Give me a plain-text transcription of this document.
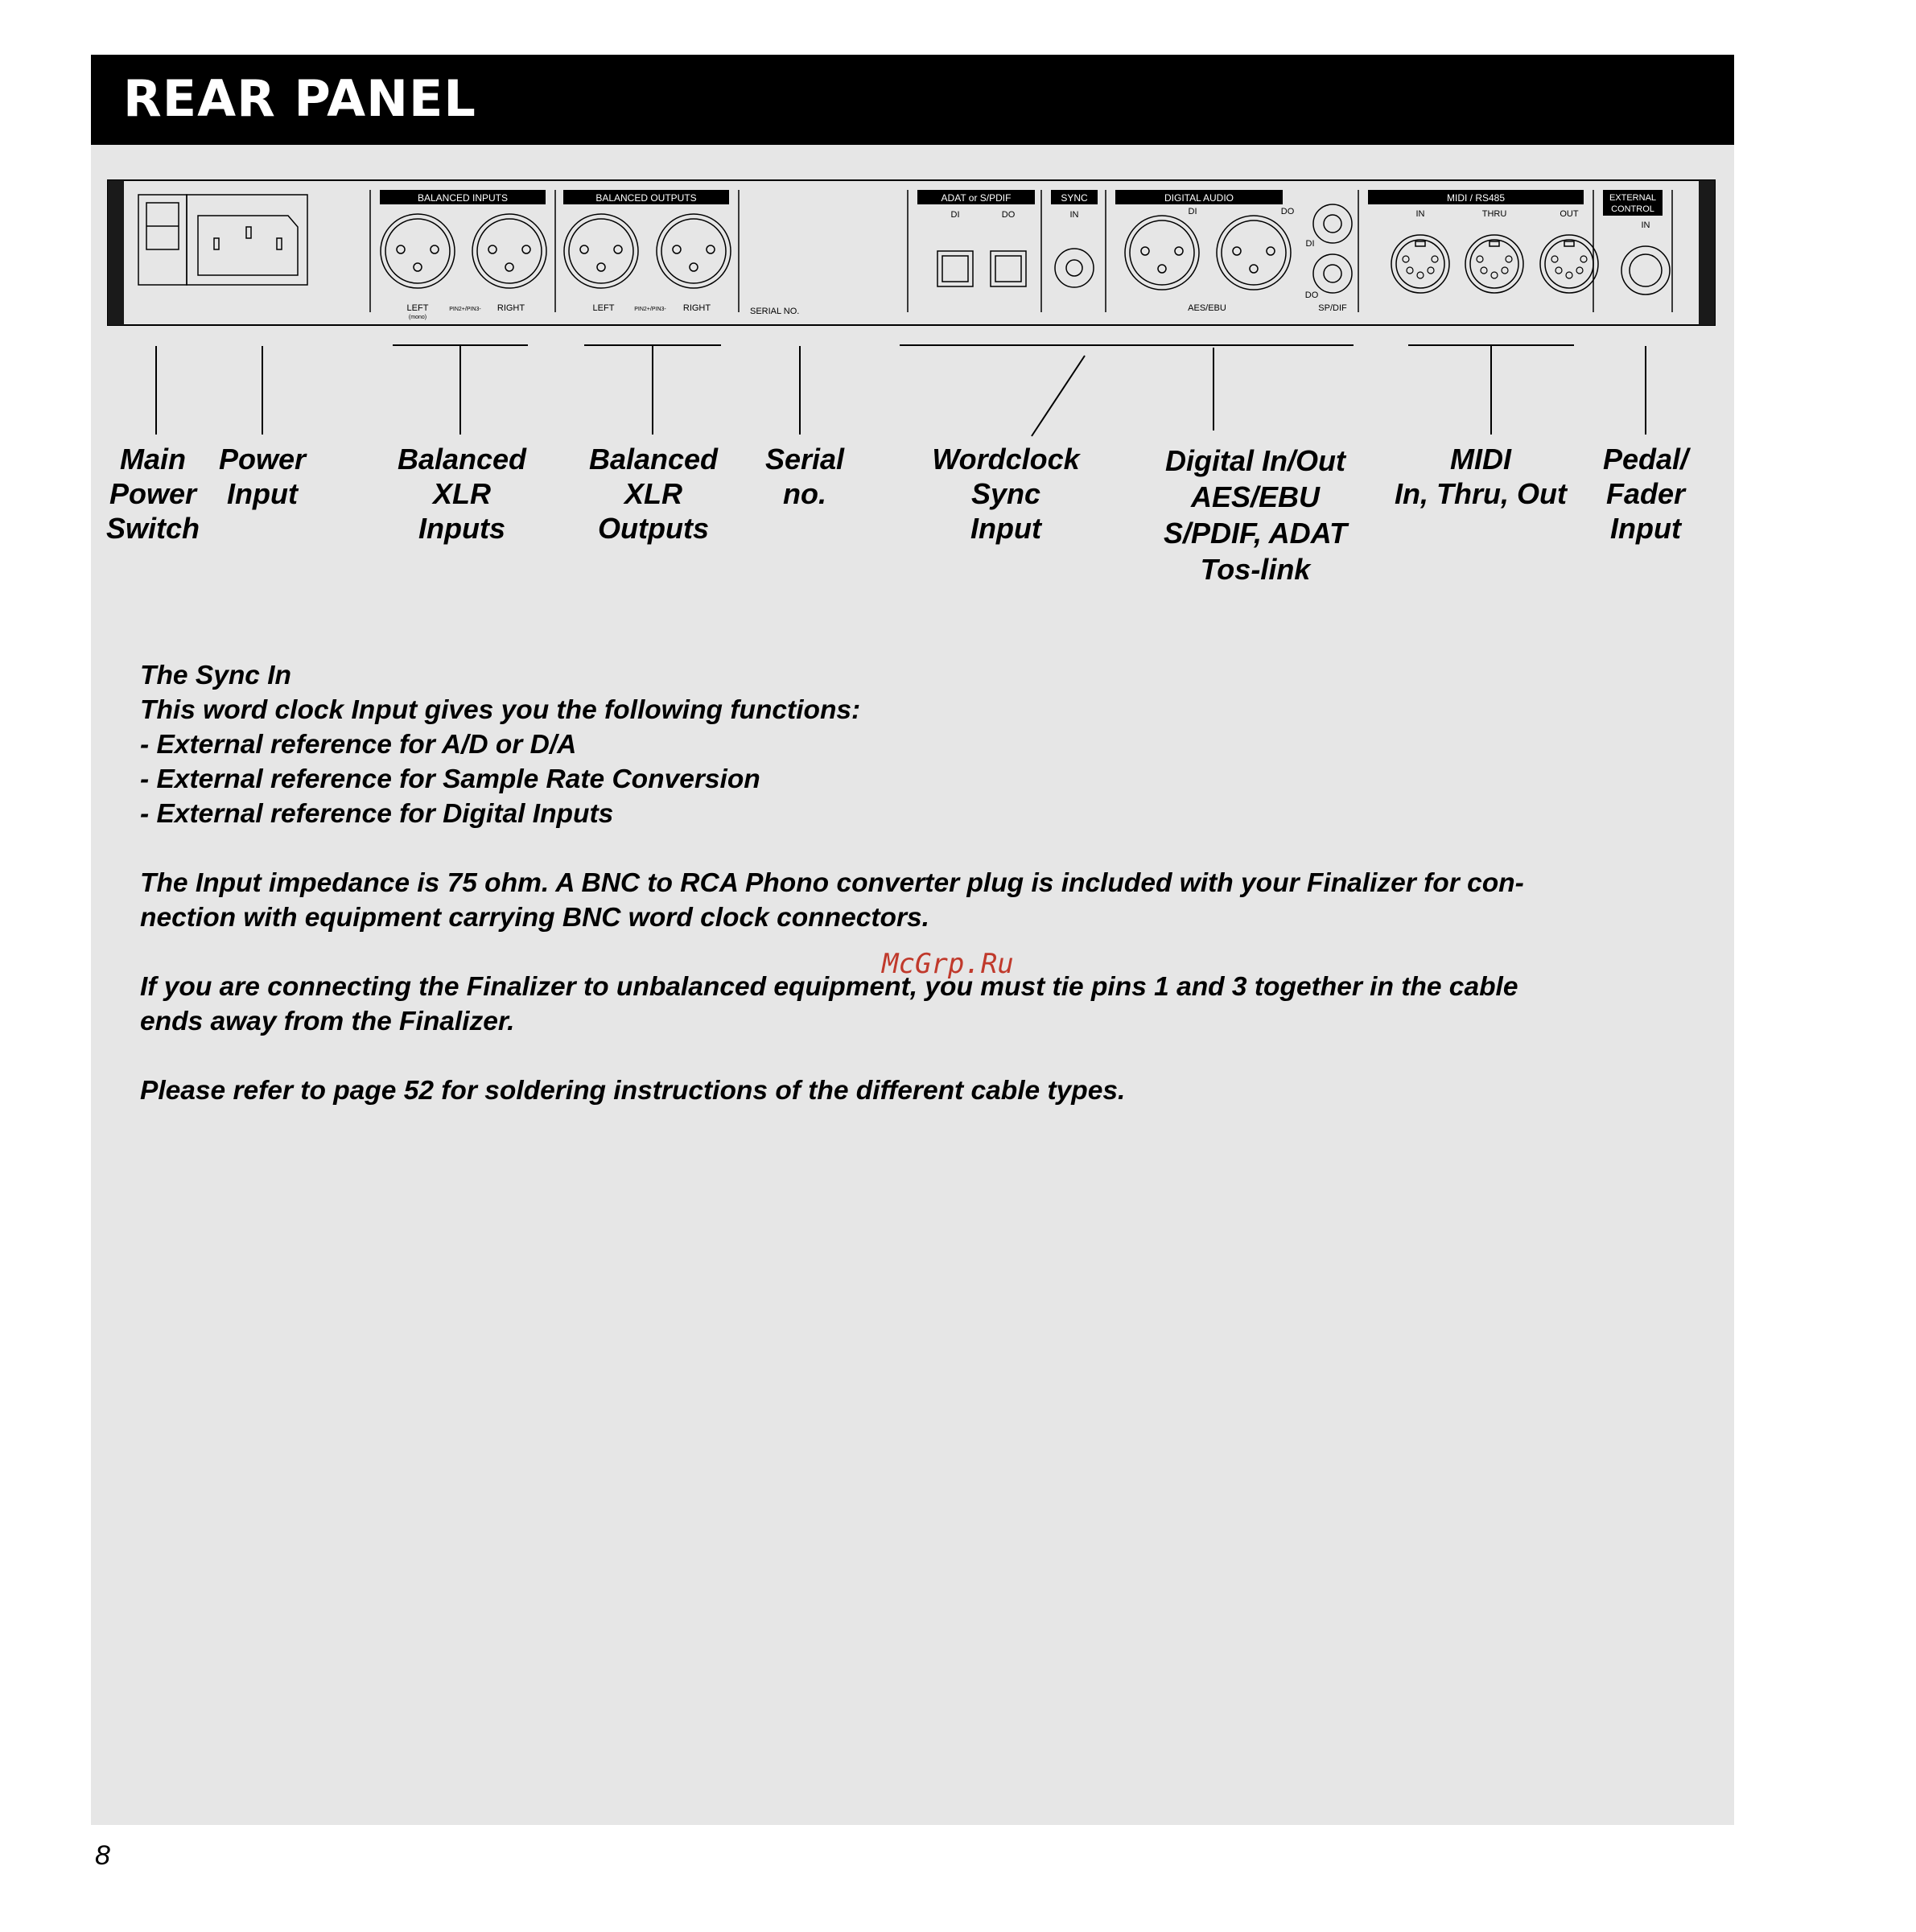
REAR PANEL
BALANCED INPUTS	BALANCED OUTPUTS	ADAT or S/PDIF	SYNC	DIGITAL AUDIO	MIDI / RS485	EXTERNAL
CONTROL
LEFT
(mono)
PIN2+/PIN3- RIGHT	LEFT	PIN2+/PIN3- RIGHT	SERIAL NO.
DI	DO	IN	DI	DO
AES/EBU
DI
DO
SP/DIF
IN	THRU	OUT
IN
Main
Power
Switch
Power
Input
Balanced
XLR
Inputs
Balanced
XLR
Outputs
Serial
no.
Wordclock
Sync
Input
Digital In/Out
AES/EBU
S/PDIF, ADAT
Tos-link
MIDI
In, Thru, Out
Pedal/
Fader
Input

The Sync In
This word clock Input gives you the following functions:
- External reference for A/D or D/A
- External reference for Sample Rate Conversion
- External reference for Digital Inputs

The Input impedance is 75 ohm. A BNC to RCA Phono converter plug is included with your Finalizer for con-
nection with equipment carrying BNC word clock connectors.

If you are connecting the Finalizer to unbalanced equipment, you must tie pins 1 and 3 together in the cable
ends away from the Finalizer.

Please refer to page 52 for soldering instructions of the different cable types.

McGrp.Ru
8
